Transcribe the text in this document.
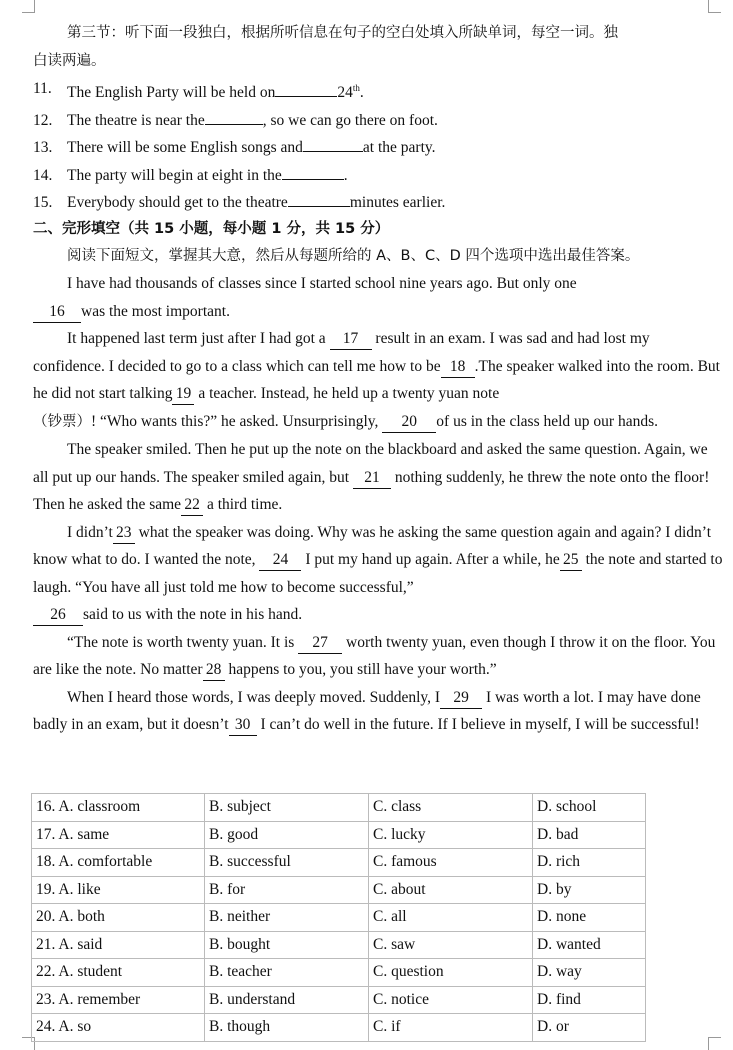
第三节：听下面一段独白，根据所听信息在句子的空白处填入所缺单词，每空一词。独

白读两遍。

11. The English Party will be held on	24th.

12. The theatre is near the	, so we can go there on foot.

13. There will be some English songs and	at the party.

14. The party will begin at eight in the	.

15. Everybody should get to the theatre	minutes earlier.

二、完形填空（共 15 小题，每小题 1 分，共 15 分）

阅读下面短文，掌握其大意，然后从每题所给的 A、B、C、D 四个选项中选出最佳答案。

I have had thousands of classes since I started school nine years ago. But only one

16 was the most important.

It happened last term just after I had got a 17 result in an exam. I was sad and had lost my confidence. I decided to go to a class which can tell me how to be 18 .The speaker walked into the room. But he did not start talking 19 a teacher. Instead, he held up a twenty yuan note
（钞票）! “Who wants this?” he asked. Unsurprisingly, 20 of us in the class held up our hands.

The speaker smiled. Then he put up the note on the blackboard and asked the same question. Again, we all put up our hands. The speaker smiled again, but 21 nothing suddenly, he threw the note onto the floor! Then he asked the same 22 a third time.

I didn’t 23 what the speaker was doing. Why was he asking the same question again and again? I didn’t know what to do. I wanted the note, 24 I put my hand up again. After a while, he 25 the note and started to laugh. “You have all just told me how to become successful,”
26 said to us with the note in his hand.

“The note is worth twenty yuan. It is 27 worth twenty yuan, even though I throw it on the floor. You are like the note. No matter 28 happens to you, you still have your worth.”

When I heard those words, I was deeply moved. Suddenly, I 29 I was worth a lot. I may have done badly in an exam, but it doesn’t 30 I can’t do well in the future. If I believe in myself, I will be successful!

16. A. classroom	B. subject	C. class	D. school
17. A. same	B. good	C. lucky	D. bad
18. A. comfortable	B. successful	C. famous	D. rich
19. A. like	B. for	C. about	D. by
20. A. both	B. neither	C. all	D. none
21. A. said	B. bought	C. saw	D. wanted
22. A. student	B. teacher	C. question	D. way
23. A. remember	B. understand	C. notice	D. find
24. A. so	B. though	C. if	D. or
